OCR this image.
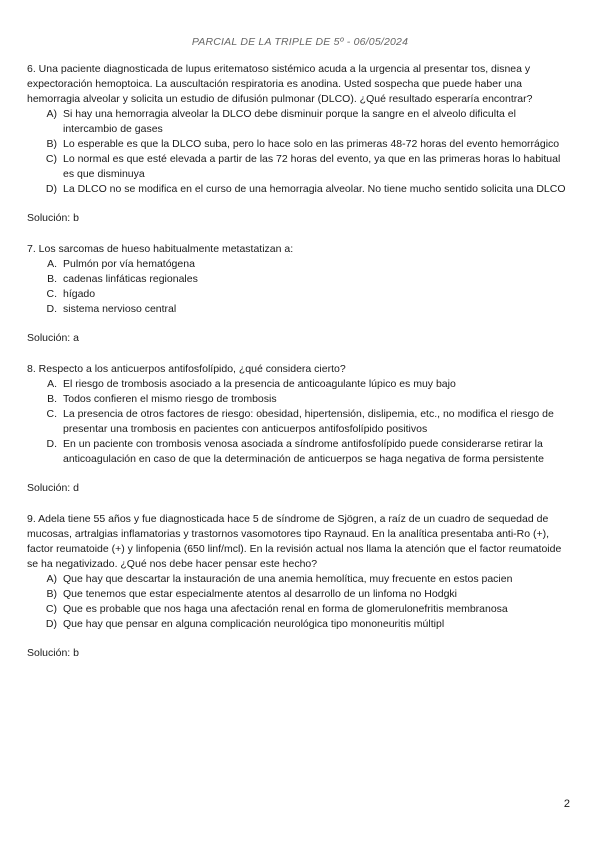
PARCIAL DE LA TRIPLE DE 5º - 06/05/2024

6. Una paciente diagnosticada de lupus eritematoso sistémico acuda a la urgencia al presentar tos, disnea y expectoración hemoptoica. La auscultación respiratoria es anodina. Usted sospecha que puede haber una hemorragia alveolar y solicita un estudio de difusión pulmonar (DLCO). ¿Qué resultado esperaría encontrar?

A) Si hay una hemorragia alveolar la DLCO debe disminuir porque la sangre en el alveolo dificulta el intercambio de gases
B) Lo esperable es que la DLCO suba, pero lo hace solo en las primeras 48-72 horas del evento hemorrágico
C) Lo normal es que esté elevada a partir de las 72 horas del evento, ya que en las primeras horas lo habitual es que disminuya
D) La DLCO no se modifica en el curso de una hemorragia alveolar. No tiene mucho sentido solicita una DLCO

Solución: b

7. Los sarcomas de hueso habitualmente metastatizan a:

A. Pulmón por vía hematógena
B. cadenas linfáticas regionales
C. hígado
D. sistema nervioso central

Solución: a

8. Respecto a los anticuerpos antifosfolípido, ¿qué considera cierto?

A. El riesgo de trombosis asociado a la presencia de anticoagulante lúpico es muy bajo
B. Todos confieren el mismo riesgo de trombosis
C. La presencia de otros factores de riesgo: obesidad, hipertensión, dislipemia, etc., no modifica el riesgo de presentar una trombosis en pacientes con anticuerpos antifosfolípido positivos
D. En un paciente con trombosis venosa asociada a síndrome antifosfolípido puede considerarse retirar la anticoagulación en caso de que la determinación de anticuerpos se haga negativa de forma persistente

Solución: d

9. Adela tiene 55 años y fue diagnosticada hace 5 de síndrome de Sjögren, a raíz de un cuadro de sequedad de mucosas, artralgias inflamatorias y trastornos vasomotores tipo Raynaud. En la analítica presentaba anti-Ro (+), factor reumatoide (+) y linfopenia (650 linf/mcl). En la revisión actual nos llama la atención que el factor reumatoide se ha negativizado. ¿Qué nos debe hacer pensar este hecho?

A) Que hay que descartar la instauración de una anemia hemolítica, muy frecuente en estos pacien
B) Que tenemos que estar especialmente atentos al desarrollo de un linfoma no Hodgki
C) Que es probable que nos haga una afectación renal en forma de glomerulonefritis membranosa
D) Que hay que pensar en alguna complicación neurológica tipo mononeuritis múltipl

Solución: b

2
